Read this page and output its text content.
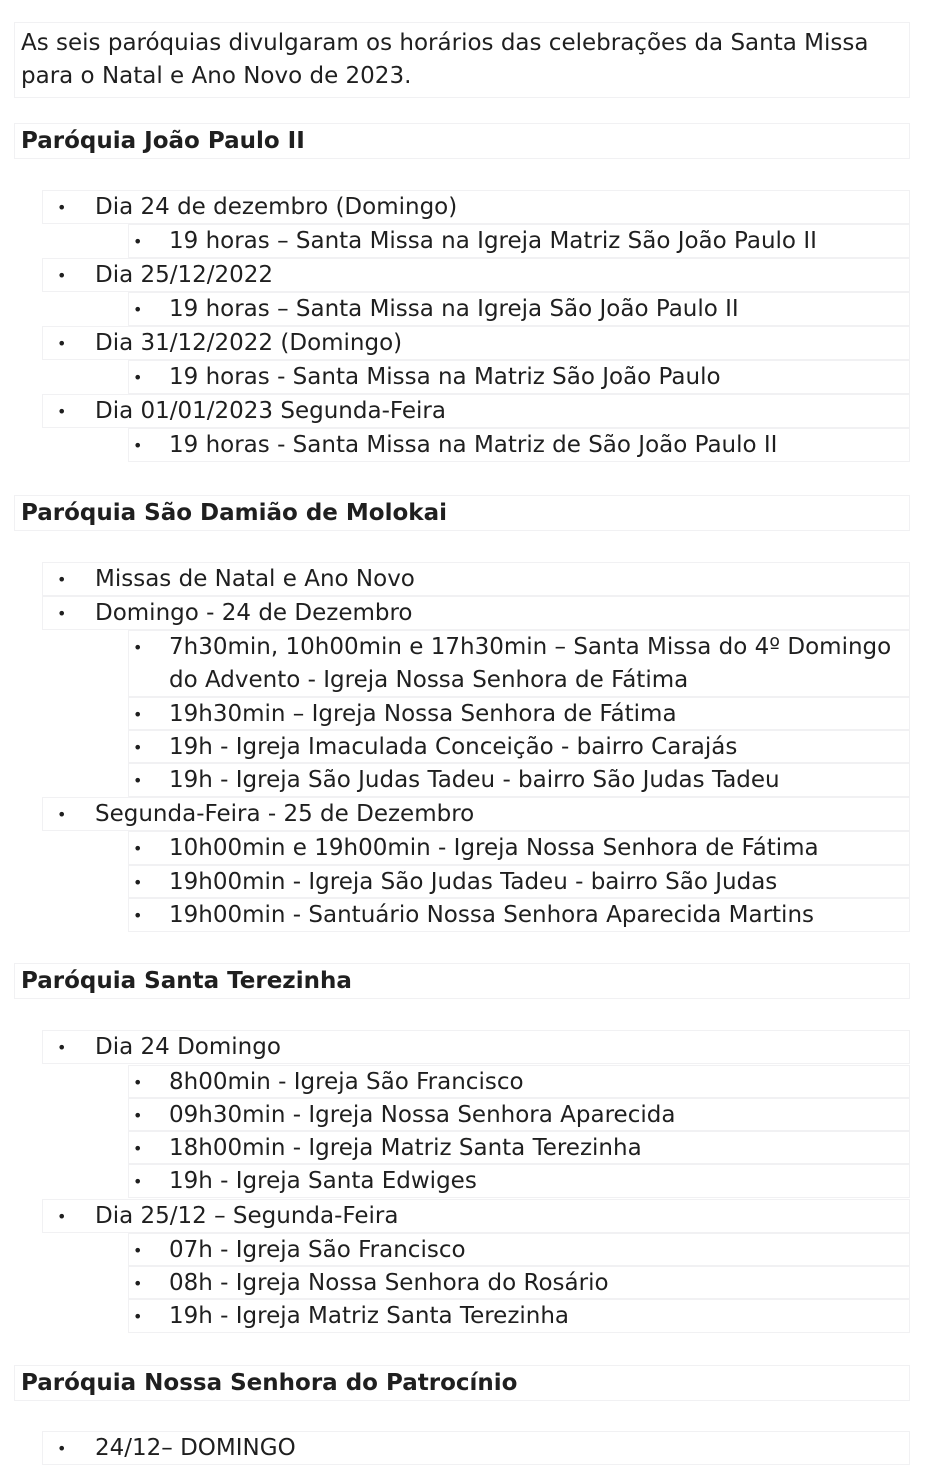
As seis paróquias divulgaram os horários das celebrações da Santa Missa para o Natal e Ano Novo de 2023.
Paróquia João Paulo II
• Dia 24 de dezembro (Domingo)
• 19 horas – Santa Missa na Igreja Matriz São João Paulo II
• Dia 25/12/2022
• 19 horas – Santa Missa na Igreja São João Paulo II
• Dia 31/12/2022 (Domingo)
• 19 horas - Santa Missa na Matriz São João Paulo
• Dia 01/01/2023 Segunda-Feira
• 19 horas - Santa Missa na Matriz de São João Paulo II
Paróquia São Damião de Molokai
• Missas de Natal e Ano Novo
• Domingo - 24 de Dezembro
• 7h30min, 10h00min e 17h30min – Santa Missa do 4º Domingo do Advento - Igreja Nossa Senhora de Fátima
• 19h30min – Igreja Nossa Senhora de Fátima
• 19h - Igreja Imaculada Conceição - bairro Carajás
• 19h - Igreja São Judas Tadeu - bairro São Judas Tadeu
• Segunda-Feira - 25 de Dezembro
• 10h00min e 19h00min - Igreja Nossa Senhora de Fátima
• 19h00min - Igreja São Judas Tadeu - bairro São Judas
• 19h00min - Santuário Nossa Senhora Aparecida Martins
Paróquia Santa Terezinha
• Dia 24 Domingo
• 8h00min - Igreja São Francisco
• 09h30min - Igreja Nossa Senhora Aparecida
• 18h00min - Igreja Matriz Santa Terezinha
• 19h - Igreja Santa Edwiges
• Dia 25/12 – Segunda-Feira
• 07h - Igreja São Francisco
• 08h - Igreja Nossa Senhora do Rosário
• 19h - Igreja Matriz Santa Terezinha
Paróquia Nossa Senhora do Patrocínio
• 24/12– DOMINGO
